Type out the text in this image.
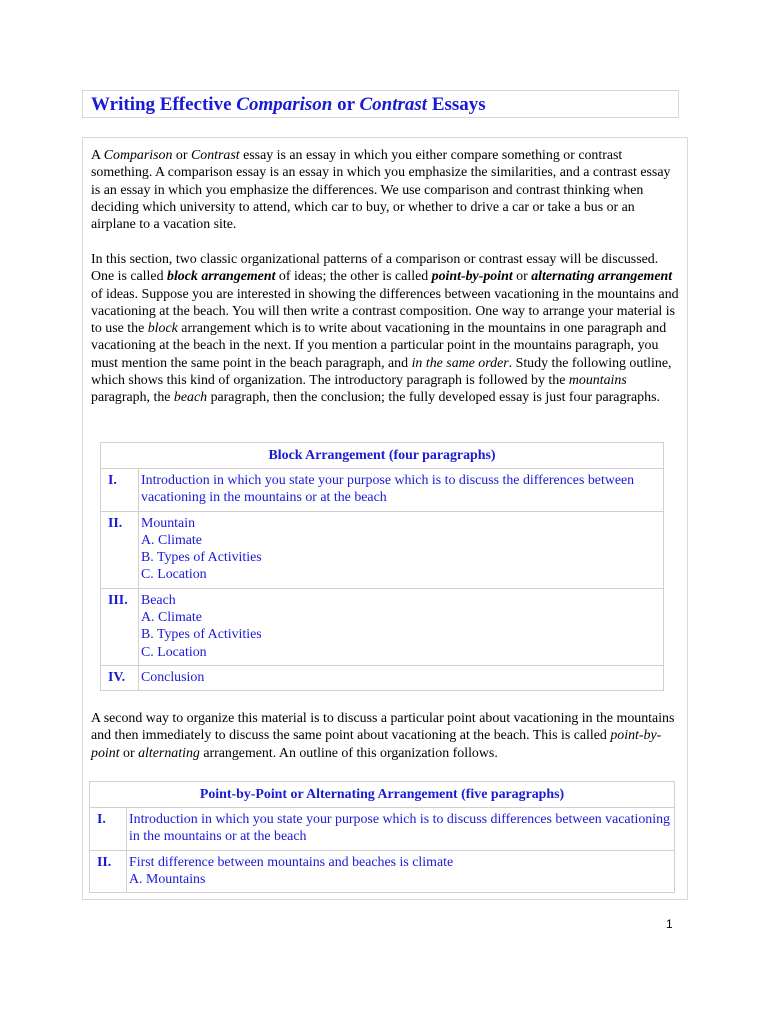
Writing Effective Comparison or Contrast Essays

A Comparison or Contrast essay is an essay in which you either compare something or contrast something. A comparison essay is an essay in which you emphasize the similarities, and a contrast essay is an essay in which you emphasize the differences. We use comparison and contrast thinking when deciding which university to attend, which car to buy, or whether to drive a car or take a bus or an airplane to a vacation site.

In this section, two classic organizational patterns of a comparison or contrast essay will be discussed. One is called block arrangement of ideas; the other is called point-by-point or alternating arrangement of ideas. Suppose you are interested in showing the differences between vacationing in the mountains and vacationing at the beach. You will then write a contrast composition. One way to arrange your material is to use the block arrangement which is to write about vacationing in the mountains in one paragraph and vacationing at the beach in the next. If you mention a particular point in the mountains paragraph, you must mention the same point in the beach paragraph, and in the same order. Study the following outline, which shows this kind of organization. The introductory paragraph is followed by the mountains paragraph, the beach paragraph, then the conclusion; the fully developed essay is just four paragraphs.

Block Arrangement (four paragraphs)	
I.	Introduction in which you state your purpose which is to discuss the differences between vacationing in the mountains or at the beach
II.	Mountain
A. Climate
B. Types of Activities
C. Location

III.	Beach
A. Climate
B. Types of Activities
C. Location

IV.	Conclusion

A second way to organize this material is to discuss a particular point about vacationing in the mountains and then immediately to discuss the same point about vacationing at the beach. This is called point-by-point or alternating arrangement. An outline of this organization follows.

Point-by-Point or Alternating Arrangement (five paragraphs)	
I.	Introduction in which you state your purpose which is to discuss differences between vacationing in the mountains or at the beach
II.	First difference between mountains and beaches is climate
A. Mountains
1
